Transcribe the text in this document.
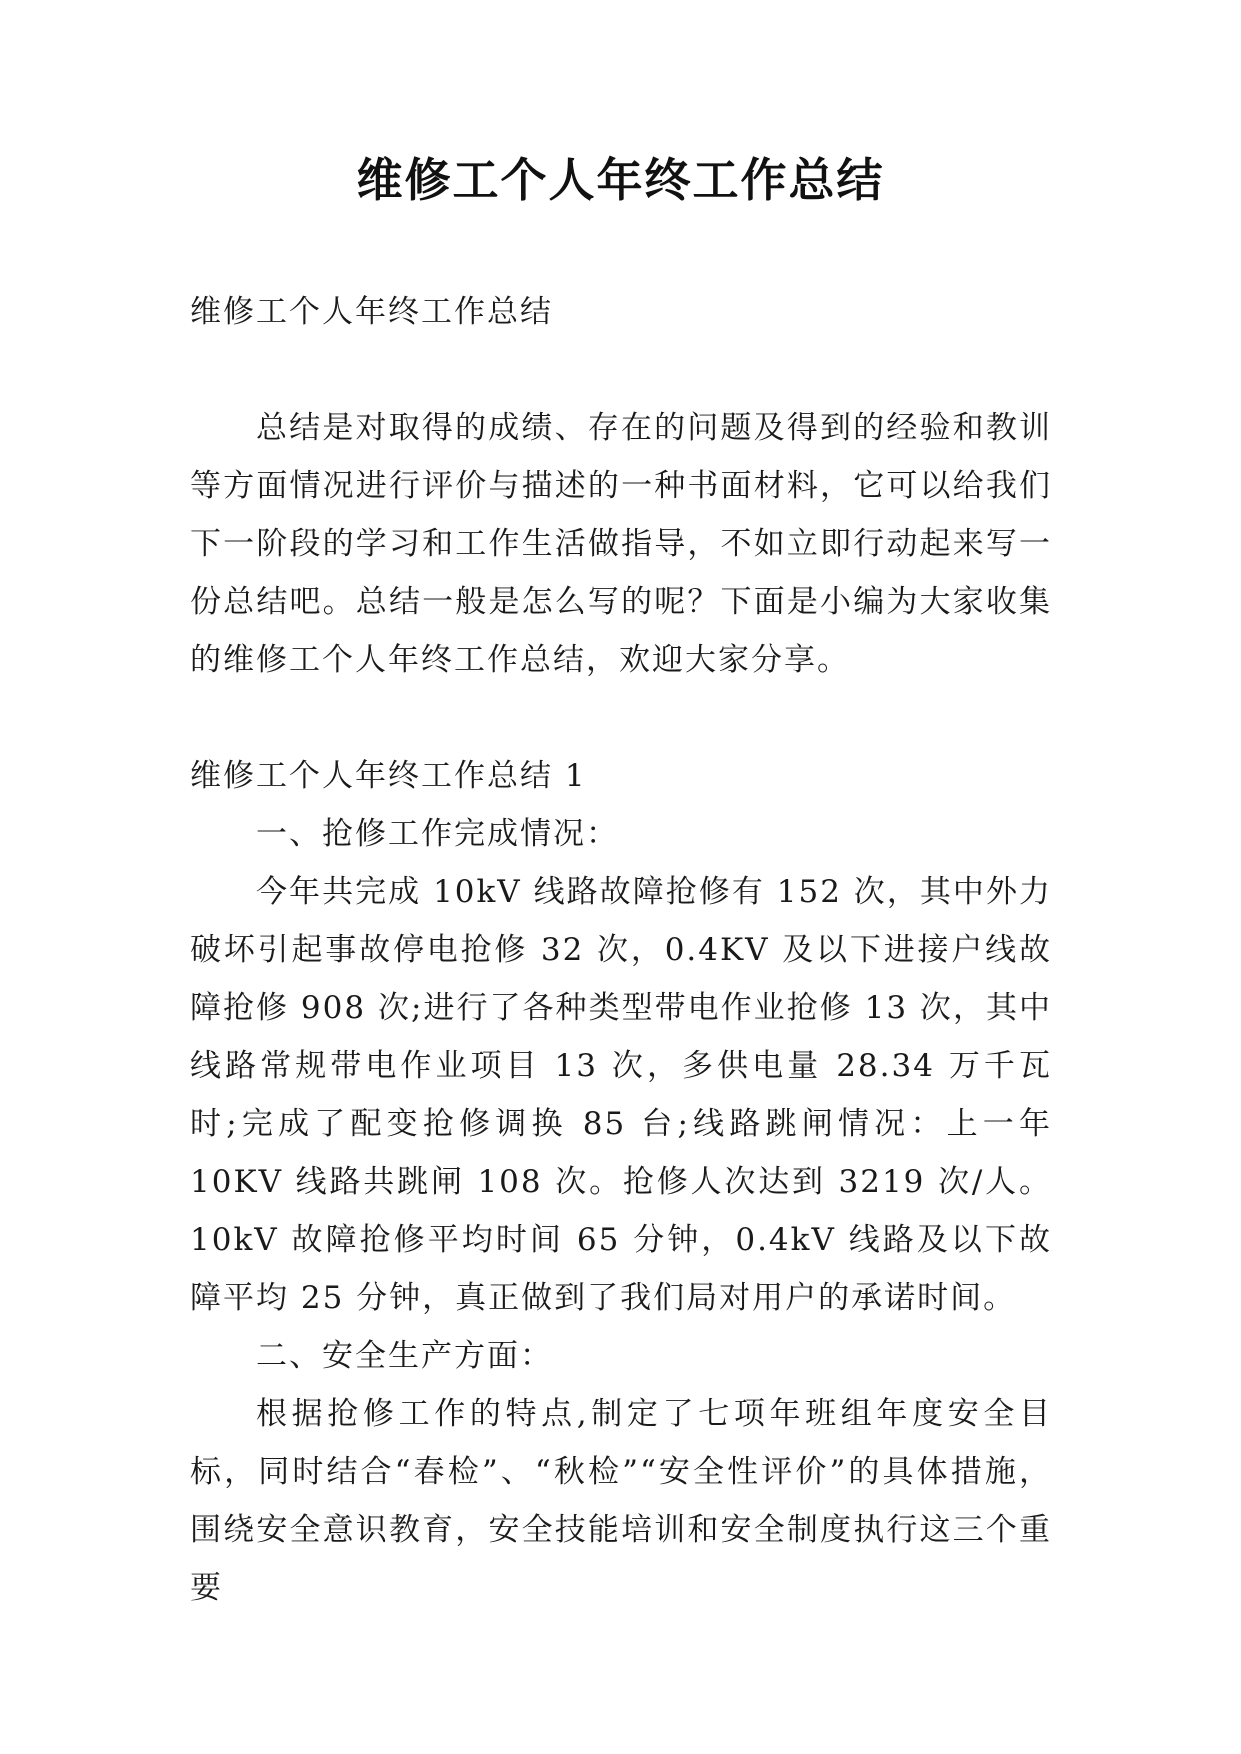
维修工个人年终工作总结

维修工个人年终工作总结

总结是对取得的成绩、存在的问题及得到的经验和教训等方面情况进行评价与描述的一种书面材料，它可以给我们下一阶段的学习和工作生活做指导，不如立即行动起来写一份总结吧。总结一般是怎么写的呢？下面是小编为大家收集的维修工个人年终工作总结，欢迎大家分享。

维修工个人年终工作总结 1

一、抢修工作完成情况：

今年共完成 10kV 线路故障抢修有 152 次，其中外力破坏引起事故停电抢修 32 次，0.4KV 及以下进接户线故障抢修 908 次;进行了各种类型带电作业抢修 13 次，其中线路常规带电作业项目 13 次，多供电量 28.34 万千瓦时;完成了配变抢修调换 85 台;线路跳闸情况：上一年 10KV 线路共跳闸 108 次。抢修人次达到 3219 次/人。 10kV 故障抢修平均时间 65 分钟，0.4kV 线路及以下故障平均 25 分钟，真正做到了我们局对用户的承诺时间。

二、安全生产方面：

根据抢修工作的特点,制定了七项年班组年度安全目标，同时结合“春检”、“秋检”“安全性评价”的具体措施，围绕安全意识教育，安全技能培训和安全制度执行这三个重要
